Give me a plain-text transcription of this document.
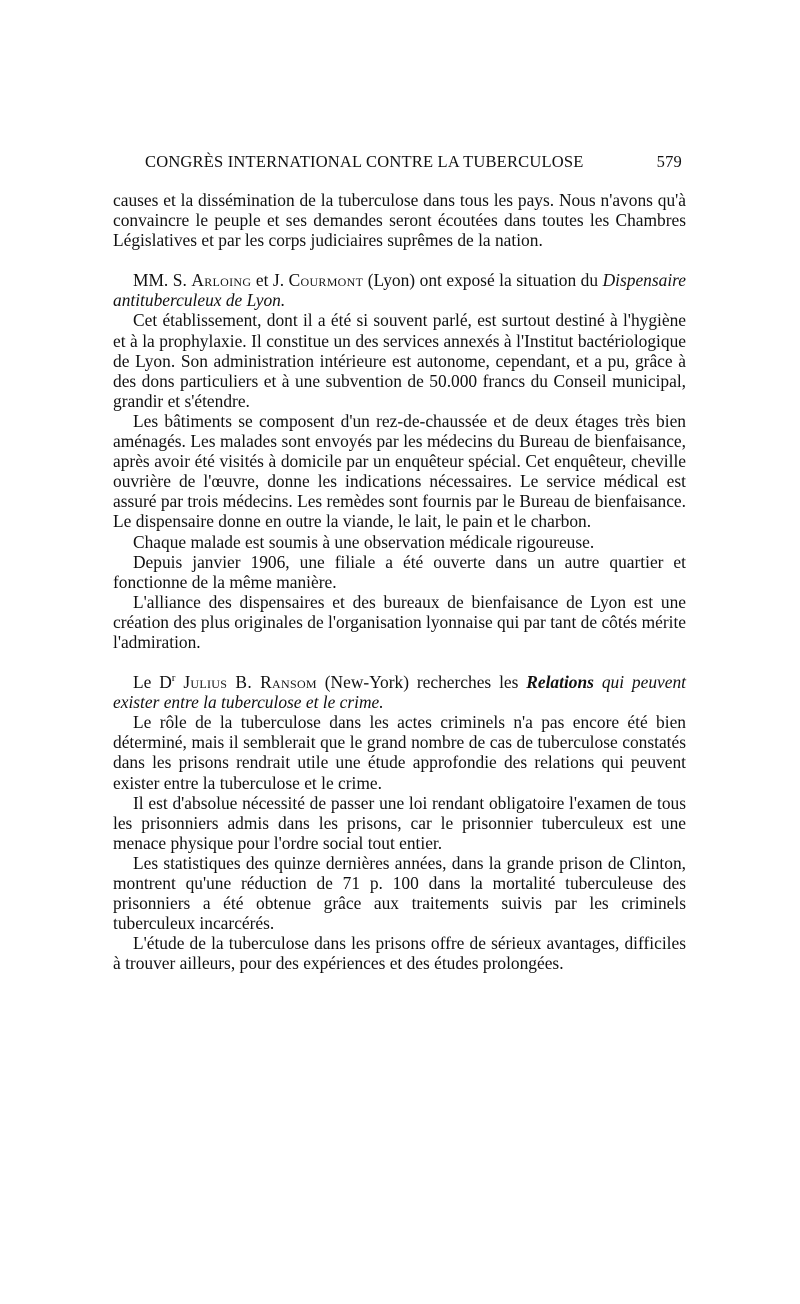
CONGRÈS INTERNATIONAL CONTRE LA TUBERCULOSE	579

causes et la dissémination de la tuberculose dans tous les pays. Nous n'avons qu'à convaincre le peuple et ses demandes seront écoutées dans toutes les Chambres Législatives et par les corps judiciaires suprêmes de la nation.

MM. S. Arloing et J. Courmont (Lyon) ont exposé la situation du Dispensaire antituberculeux de Lyon.

Cet établissement, dont il a été si souvent parlé, est surtout destiné à l'hygiène et à la prophylaxie. Il constitue un des services annexés à l'Institut bactériologique de Lyon. Son administration intérieure est autonome, cependant, et a pu, grâce à des dons particuliers et à une subvention de 50.000 francs du Conseil municipal, grandir et s'étendre.

Les bâtiments se composent d'un rez-de-chaussée et de deux étages très bien aménagés. Les malades sont envoyés par les médecins du Bureau de bienfaisance, après avoir été visités à domicile par un enquêteur spécial. Cet enquêteur, cheville ouvrière de l'œuvre, donne les indications nécessaires. Le service médical est assuré par trois médecins. Les remèdes sont fournis par le Bureau de bienfaisance. Le dispensaire donne en outre la viande, le lait, le pain et le charbon.

Chaque malade est soumis à une observation médicale rigoureuse.

Depuis janvier 1906, une filiale a été ouverte dans un autre quartier et fonctionne de la même manière.

L'alliance des dispensaires et des bureaux de bienfaisance de Lyon est une création des plus originales de l'organisation lyonnaise qui par tant de côtés mérite l'admiration.

Le $D^r$ Julius B. Ransom (New-York) recherches les Relations qui peuvent exister entre la tuberculose et le crime.

Le rôle de la tuberculose dans les actes criminels n'a pas encore été bien déterminé, mais il semblerait que le grand nombre de cas de tuberculose constatés dans les prisons rendrait utile une étude approfondie des relations qui peuvent exister entre la tuberculose et le crime.

Il est d'absolue nécessité de passer une loi rendant obligatoire l'examen de tous les prisonniers admis dans les prisons, car le prisonnier tuberculeux est une menace physique pour l'ordre social tout entier.

Les statistiques des quinze dernières années, dans la grande prison de Clinton, montrent qu'une réduction de 71 p. 100 dans la mortalité tuberculeuse des prisonniers a été obtenue grâce aux traitements suivis par les criminels tuberculeux incarcérés.

L'étude de la tuberculose dans les prisons offre de sérieux avantages, difficiles à trouver ailleurs, pour des expériences et des études prolongées.
